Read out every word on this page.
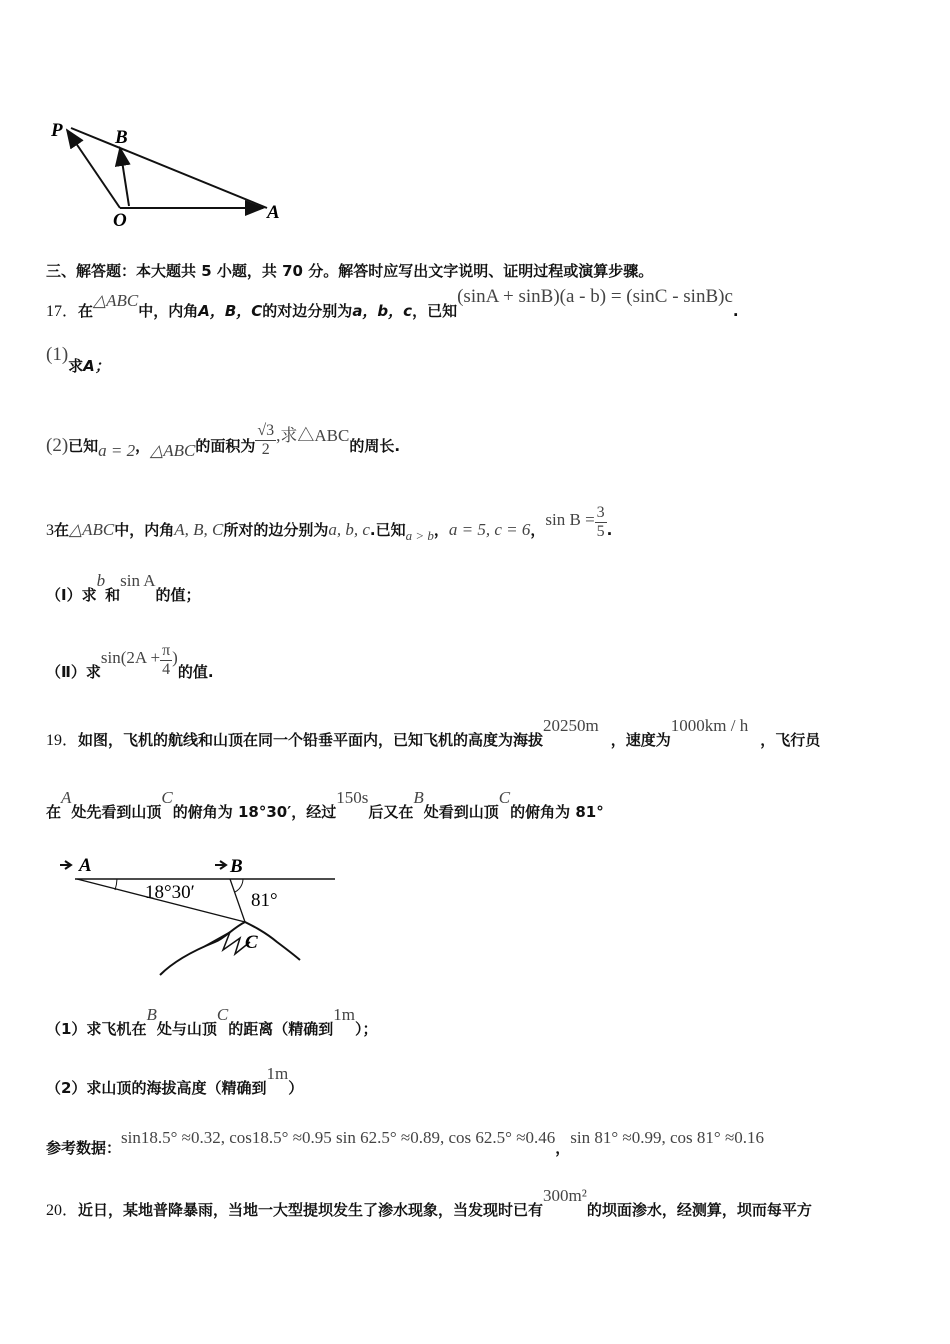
P	B
O	A
三、解答题：本大题共 5 小题，共 70 分。解答时应写出文字说明、证明过程或演算步骤。
17．在△ABC中，内角A，B，C的对边分别为a，b，c，已知(sinA + sinB)(a - b) = (sinC - sinB)c.
(1)求A；
(2)已知a = 2，△ABC的面积为 $\frac{√3}{2}$ ,求△ABC的周长.
3在△ABC中，内角A, B, C所对的边分别为a, b, c.已知a > b，a = 5, c = 6，$\sin B = \frac{3}{5}$ .
（Ⅰ）求b和sin A的值；
（Ⅱ）求$\sin(2A + \frac{\pi}{4}$ )的值.
19．如图，飞机的航线和山顶在同一个铅垂平面内，已知飞机的高度为海拔20250m，速度为1000km / h，飞行员
在A处先看到山顶C的俯角为 18°30′，经过150s后又在B处看到山顶C的俯角为 81°
A	B
C
18°30′	81°
（1）求飞机在B处与山顶C的距离（精确到1m）；
（2）求山顶的海拔高度（精确到1m）
参考数据：sin18.5° ≈0.32, cos18.5° ≈0.95 sin 62.5° ≈0.89, cos 62.5° ≈0.46，sin 81° ≈0.99, cos 81° ≈0.16
20．近日，某地普降暴雨，当地一大型提坝发生了渗水现象，当发现时已有300m²的坝面渗水，经测算，坝而每平方
